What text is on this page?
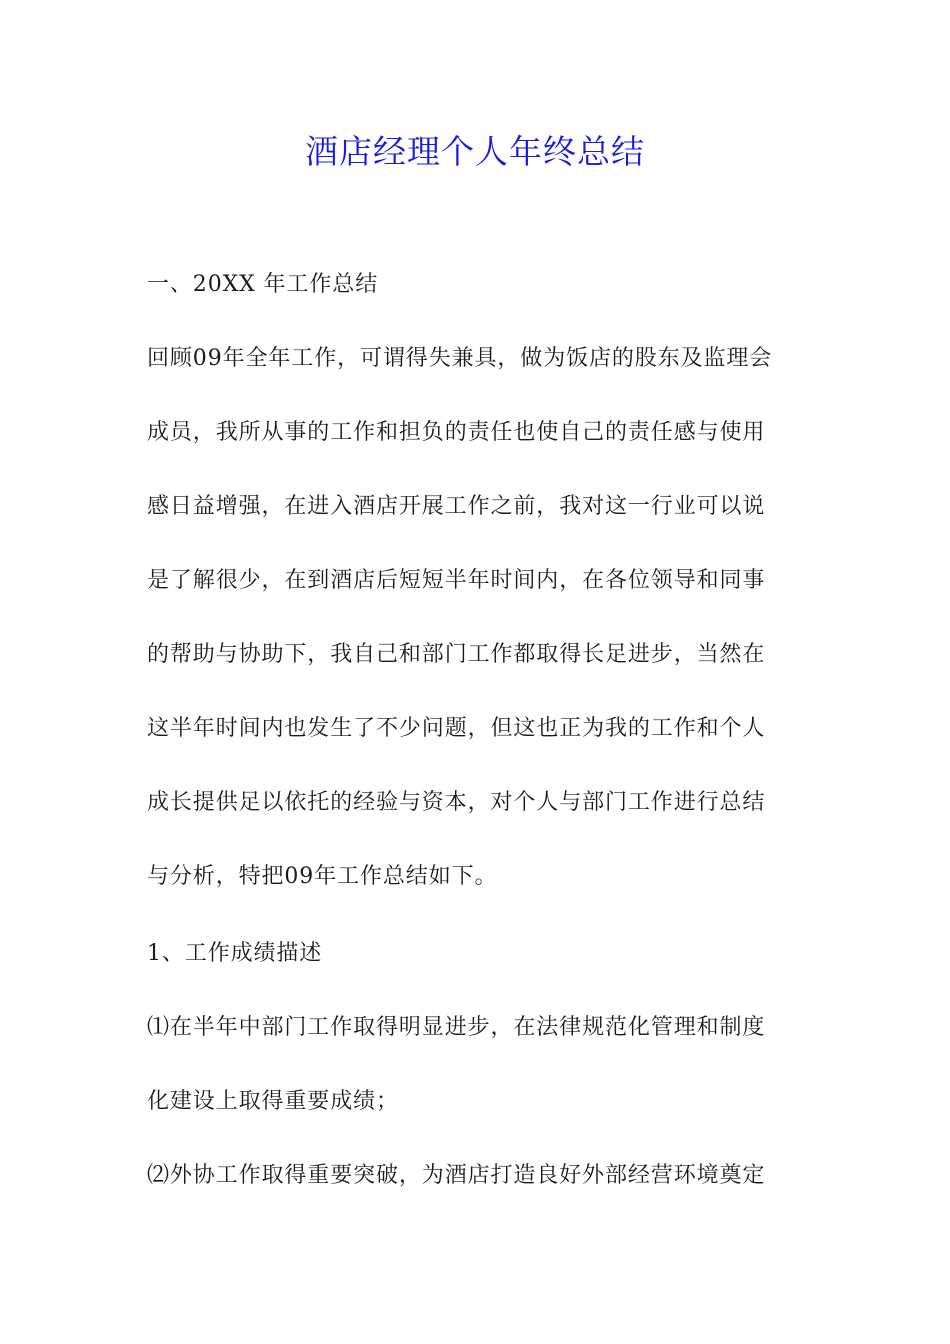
酒店经理个人年终总结
一、20XX 年工作总结
回顾09年全年工作，可谓得失兼具，做为饭店的股东及监理会
成员，我所从事的工作和担负的责任也使自己的责任感与使用
感日益增强，在进入酒店开展工作之前，我对这一行业可以说
是了解很少，在到酒店后短短半年时间内，在各位领导和同事
的帮助与协助下，我自己和部门工作都取得长足进步，当然在
这半年时间内也发生了不少问题，但这也正为我的工作和个人
成长提供足以依托的经验与资本，对个人与部门工作进行总结
与分析，特把09年工作总结如下。
1、工作成绩描述
⑴在半年中部门工作取得明显进步，在法律规范化管理和制度
化建设上取得重要成绩；
⑵外协工作取得重要突破，为酒店打造良好外部经营环境奠定
